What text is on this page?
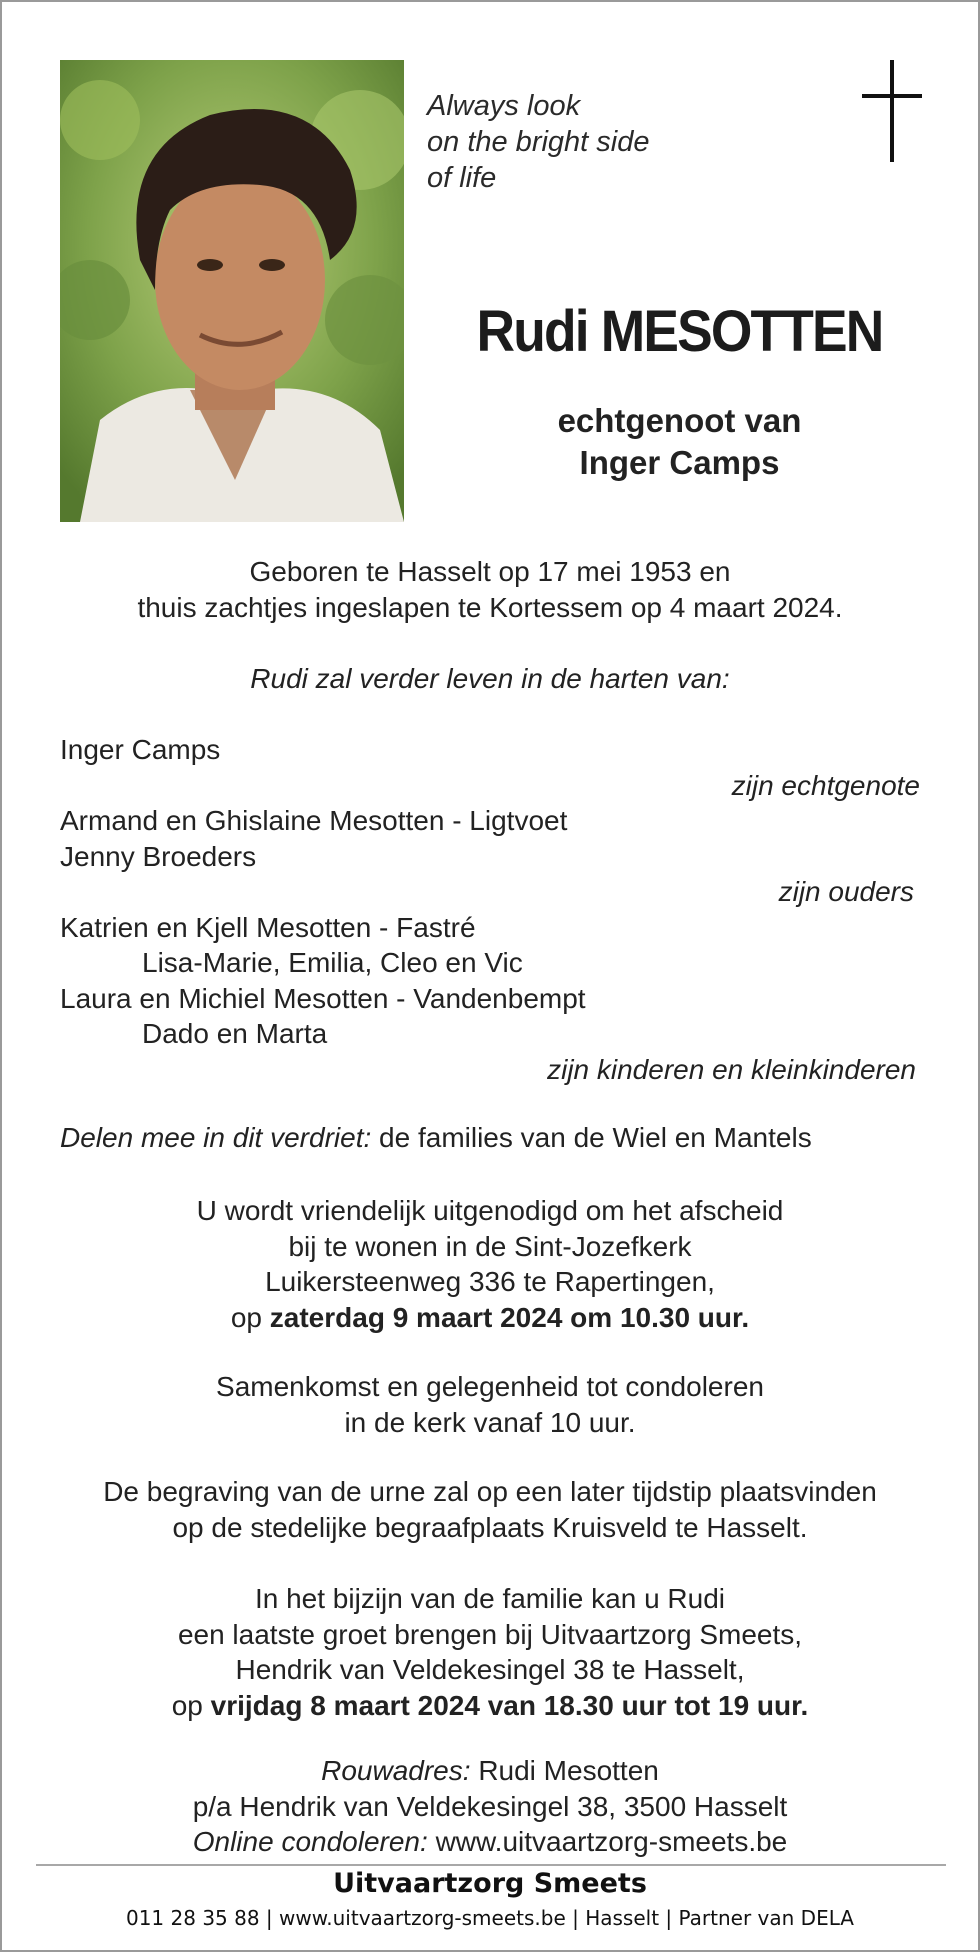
Always look
on the bright side
of life
Rudi MESOTTEN
echtgenoot van
Inger Camps
Geboren te Hasselt op 17 mei 1953 en
thuis zachtjes ingeslapen te Kortessem op 4 maart 2024.
Rudi zal verder leven in de harten van:
Inger Camps
zijn echtgenote
Armand en Ghislaine Mesotten - Ligtvoet
Jenny Broeders
zijn ouders
Katrien en Kjell Mesotten - Fastré
Lisa-Marie, Emilia, Cleo en Vic
Laura en Michiel Mesotten - Vandenbempt
Dado en Marta
zijn kinderen en kleinkinderen
Delen mee in dit verdriet: de families van de Wiel en Mantels
U wordt vriendelijk uitgenodigd om het afscheid
bij te wonen in de Sint-Jozefkerk
Luikersteenweg 336 te Rapertingen,
op zaterdag 9 maart 2024 om 10.30 uur.
Samenkomst en gelegenheid tot condoleren
in de kerk vanaf 10 uur.
De begraving van de urne zal op een later tijdstip plaatsvinden
op de stedelijke begraafplaats Kruisveld te Hasselt.
In het bijzijn van de familie kan u Rudi
een laatste groet brengen bij Uitvaartzorg Smeets,
Hendrik van Veldekesingel 38 te Hasselt,
op vrijdag 8 maart 2024 van 18.30 uur tot 19 uur.
Rouwadres: Rudi Mesotten
p/a Hendrik van Veldekesingel 38, 3500 Hasselt
Online condoleren: www.uitvaartzorg-smeets.be
Uitvaartzorg Smeets
011 28 35 88 | www.uitvaartzorg-smeets.be | Hasselt | Partner van DELA
